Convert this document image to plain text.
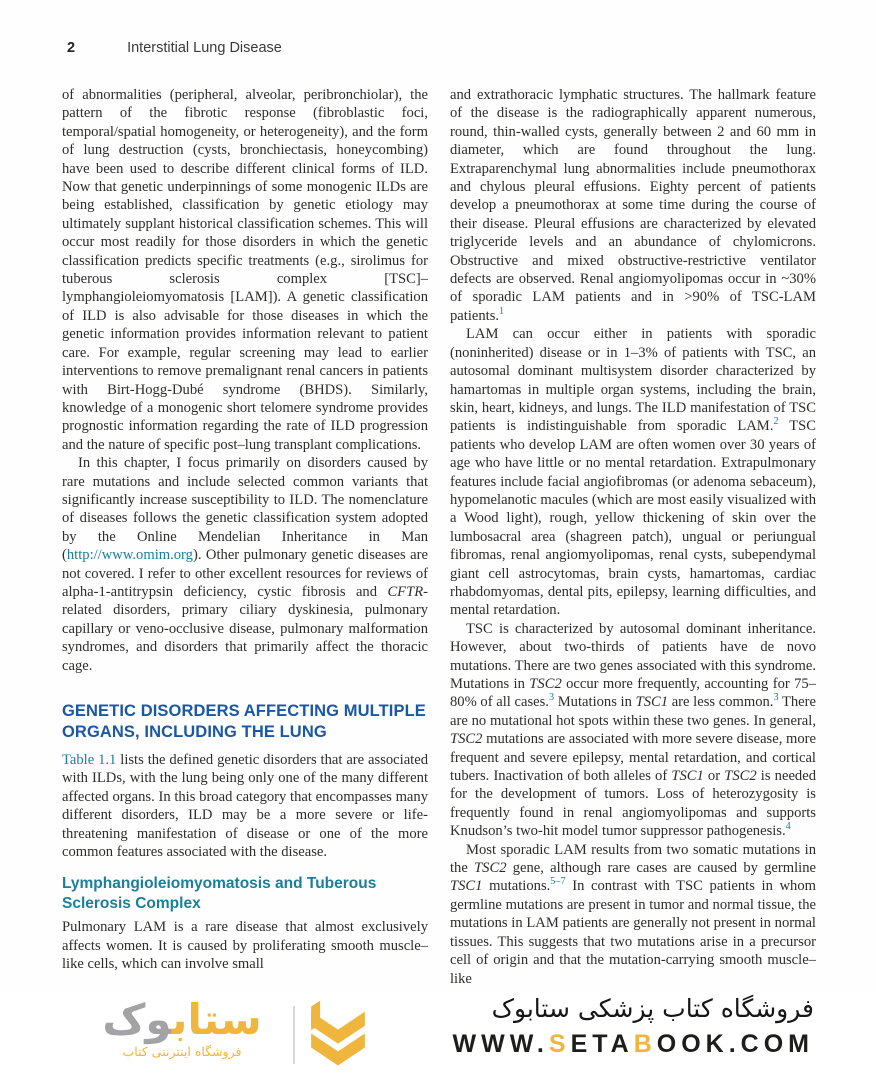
2	Interstitial Lung Disease

of abnormalities (peripheral, alveolar, peribronchiolar), the pattern of the fibrotic response (fibroblastic foci, temporal/spatial homogeneity, or heterogeneity), and the form of lung destruction (cysts, bronchiectasis, honeycombing) have been used to describe different clinical forms of ILD. Now that genetic underpinnings of some monogenic ILDs are being established, classification by genetic etiology may ultimately supplant historical classification schemes. This will occur most readily for those disorders in which the genetic classification predicts specific treatments (e.g., sirolimus for tuberous sclerosis complex [TSC]–lymphangioleiomyomatosis [LAM]). A genetic classification of ILD is also advisable for those diseases in which the genetic information provides information relevant to patient care. For example, regular screening may lead to earlier interventions to remove premalignant renal cancers in patients with Birt-Hogg-Dubé syndrome (BHDS). Similarly, knowledge of a monogenic short telomere syndrome provides prognostic information regarding the rate of ILD progression and the nature of specific post–lung transplant complications.

In this chapter, I focus primarily on disorders caused by rare mutations and include selected common variants that significantly increase susceptibility to ILD. The nomenclature of diseases follows the genetic classification system adopted by the Online Mendelian Inheritance in Man (http://www.omim.org). Other pulmonary genetic diseases are not covered. I refer to other excellent resources for reviews of alpha-1-antitrypsin deficiency, cystic fibrosis and CFTR-related disorders, primary ciliary dyskinesia, pulmonary capillary or veno-occlusive disease, pulmonary malformation syndromes, and disorders that primarily affect the thoracic cage.

GENETIC DISORDERS AFFECTING MULTIPLE ORGANS, INCLUDING THE LUNG

Table 1.1 lists the defined genetic disorders that are associated with ILDs, with the lung being only one of the many different affected organs. In this broad category that encompasses many different disorders, ILD may be a more severe or life-threatening manifestation of disease or one of the more common features associated with the disease.

Lymphangioleiomyomatosis and Tuberous Sclerosis Complex

Pulmonary LAM is a rare disease that almost exclusively affects women. It is caused by proliferating smooth muscle–like cells, which can involve small

and extrathoracic lymphatic structures. The hallmark feature of the disease is the radiographically apparent numerous, round, thin-walled cysts, generally between 2 and 60 mm in diameter, which are found throughout the lung. Extraparenchymal lung abnormalities include pneumothorax and chylous pleural effusions. Eighty percent of patients develop a pneumothorax at some time during the course of their disease. Pleural effusions are characterized by elevated triglyceride levels and an abundance of chylomicrons. Obstructive and mixed obstructive-restrictive ventilator defects are observed. Renal angiomyolipomas occur in ~30% of sporadic LAM patients and in >90% of TSC-LAM patients.$^1$

LAM can occur either in patients with sporadic (noninherited) disease or in 1–3% of patients with TSC, an autosomal dominant multisystem disorder characterized by hamartomas in multiple organ systems, including the brain, skin, heart, kidneys, and lungs. The ILD manifestation of TSC patients is indistinguishable from sporadic LAM.$^2$ TSC patients who develop LAM are often women over 30 years of age who have little or no mental retardation. Extrapulmonary features include facial angiofibromas (or adenoma sebaceum), hypomelanotic macules (which are most easily visualized with a Wood light), rough, yellow thickening of skin over the lumbosacral area (shagreen patch), ungual or periungual fibromas, renal angiomyolipomas, renal cysts, subependymal giant cell astrocytomas, brain cysts, hamartomas, cardiac rhabdomyomas, dental pits, epilepsy, learning difficulties, and mental retardation.

TSC is characterized by autosomal dominant inheritance. However, about two-thirds of patients have de novo mutations. There are two genes associated with this syndrome. Mutations in TSC2 occur more frequently, accounting for 75–80% of all cases.$^3$ Mutations in TSC1 are less common.$^3$ There are no mutational hot spots within these two genes. In general, TSC2 mutations are associated with more severe disease, more frequent and severe epilepsy, mental retardation, and cortical tubers. Inactivation of both alleles of TSC1 or TSC2 is needed for the development of tumors. Loss of heterozygosity is frequently found in renal angiomyolipomas and supports Knudson’s two-hit model tumor suppressor pathogenesis.$^4$

Most sporadic LAM results from two somatic mutations in the TSC2 gene, although rare cases are caused by germline TSC1 mutations.$^{5-7}$ In contrast with TSC patients in whom germline mutations are present in tumor and normal tissue, the mutations in LAM patients are generally not present in normal tissues. This suggests that two mutations arise in a precursor cell of origin and that the mutation-carrying smooth muscle–like

ستابوک
فروشگاه اینترنتی کتاب
فروشگاه کتاب پزشکی ستابوک
WWW.SETABOOK.COM
